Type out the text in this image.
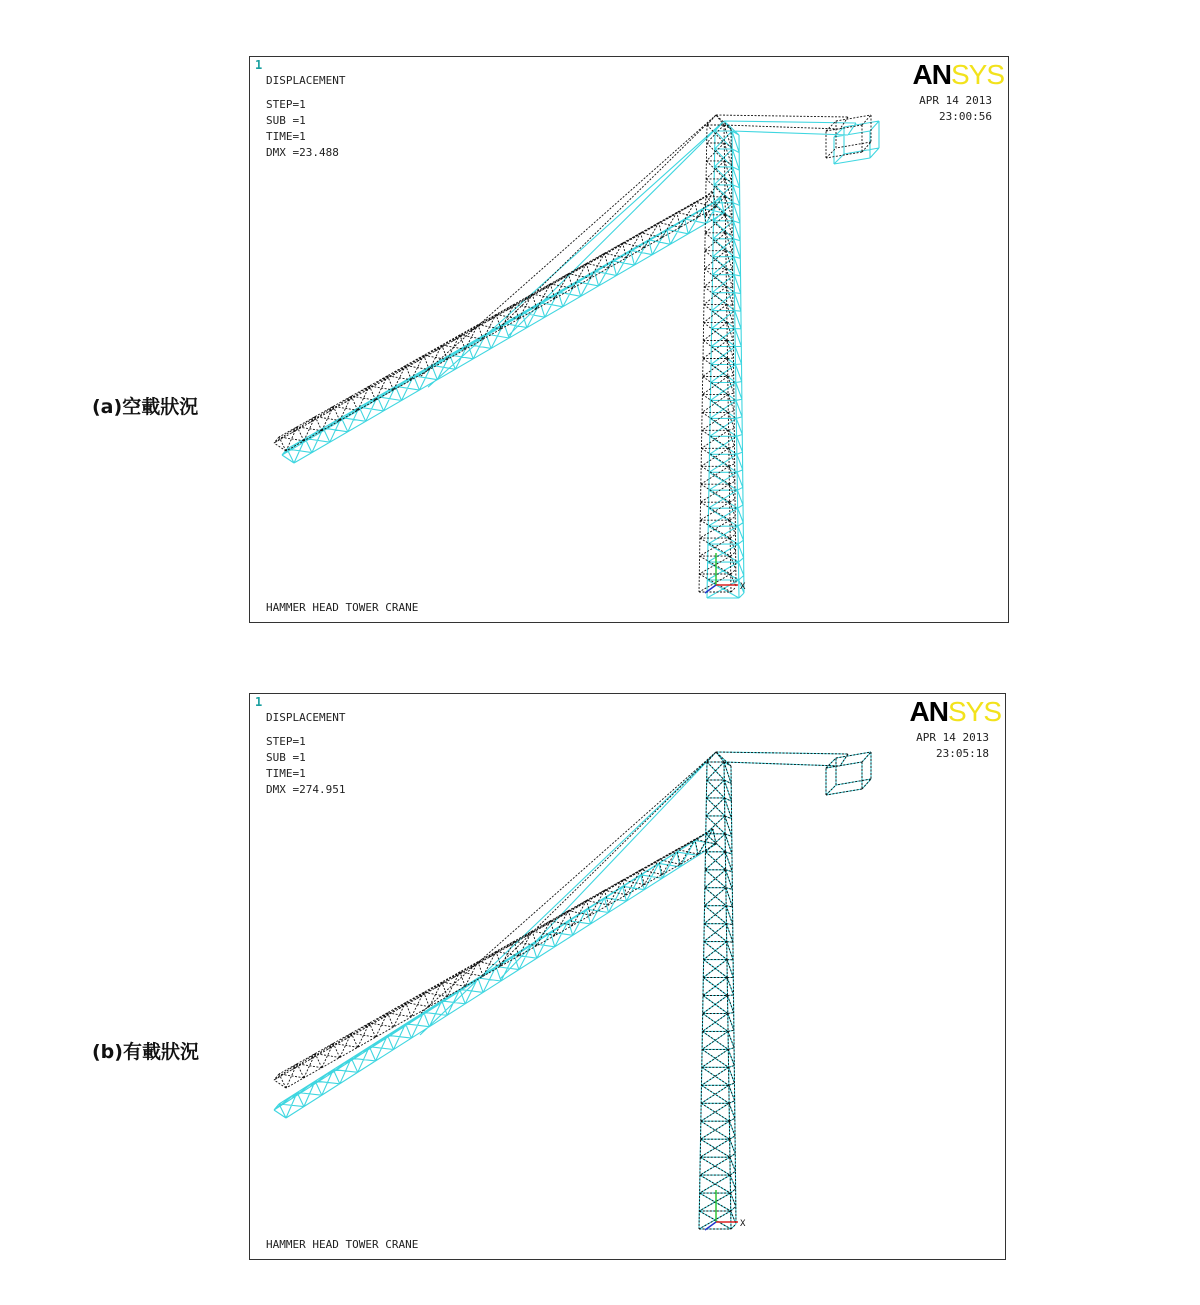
(a)空載狀況
X
1
DISPLACEMENT
STEP=1
SUB =1
TIME=1
DMX =23.488
ANSYS
APR 14 2013
23:00:56
HAMMER HEAD TOWER CRANE
(b)有載狀況
X
1
DISPLACEMENT
STEP=1
SUB =1
TIME=1
DMX =274.951
ANSYS
APR 14 2013
23:05:18
HAMMER HEAD TOWER CRANE
